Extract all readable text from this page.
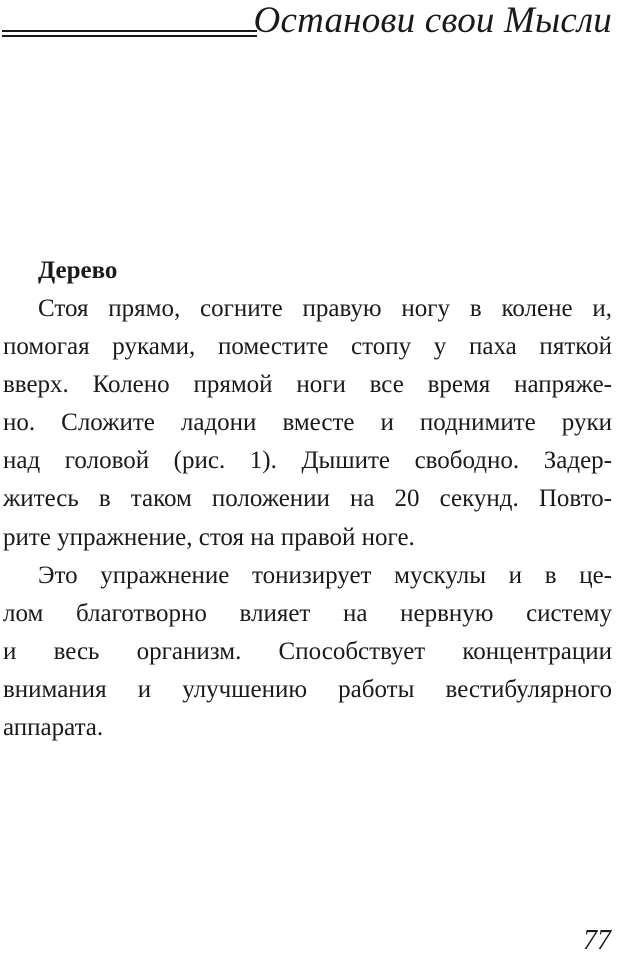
Останови свои Мысли
Дерево

Стоя прямо, согните правую ногу в колене и,
помогая руками, поместите стопу у паха пяткой
вверх. Колено прямой ноги все время напряже-
но. Сложите ладони вместе и поднимите руки
над головой (рис. 1). Дышите свободно. Задер-
житесь в таком положении на 20 секунд. Повто-
рите упражнение, стоя на правой ноге.

Это упражнение тонизирует мускулы и в це-
лом благотворно влияет на нервную систему
и весь организм. Способствует концентрации
внимания и улучшению работы вестибулярного
аппарата.

77
